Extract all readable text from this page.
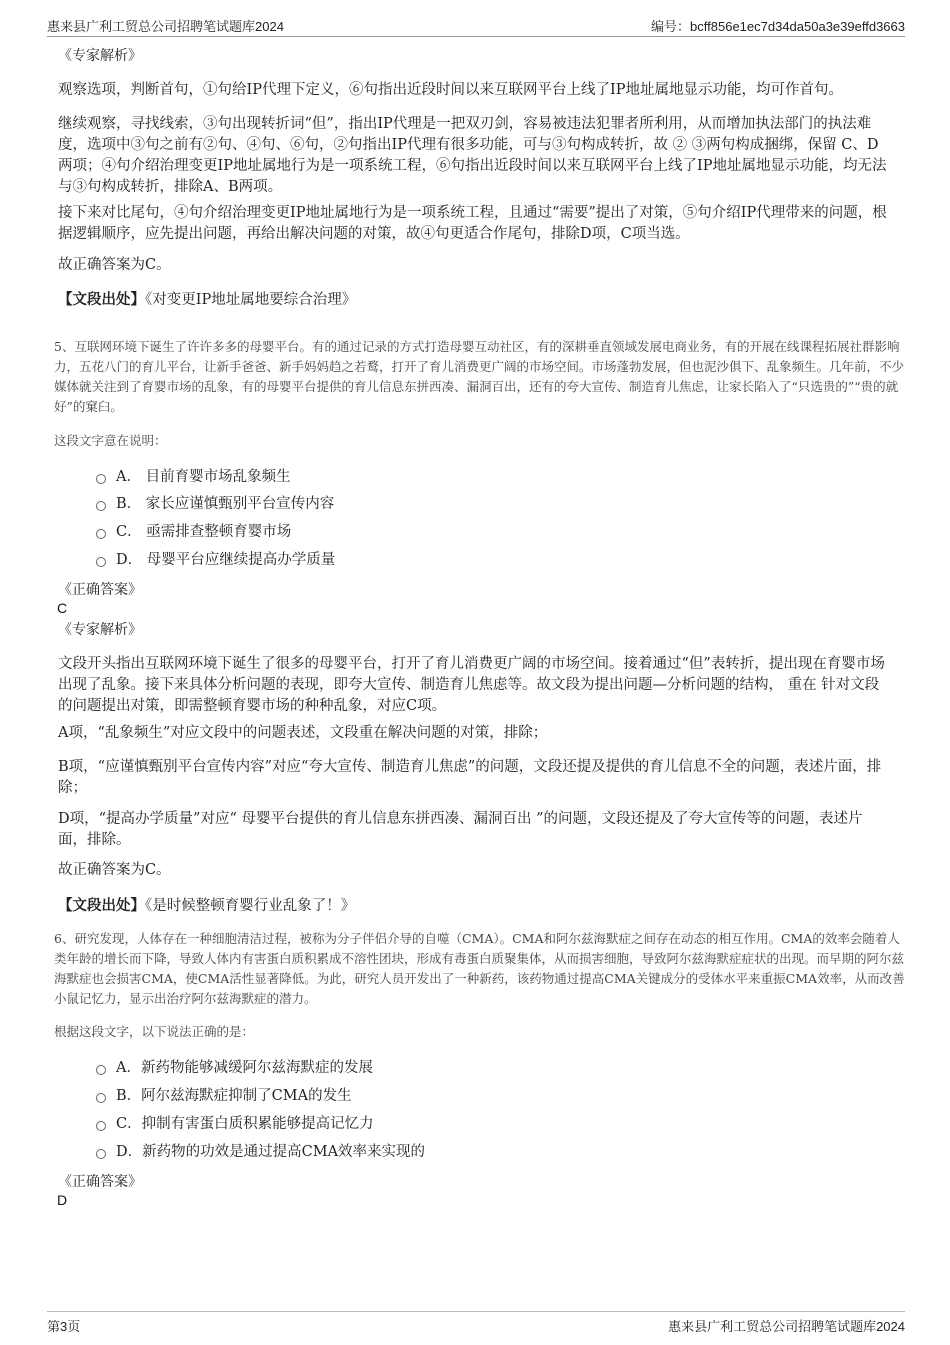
惠来县广利工贸总公司招聘笔试题库2024	编号：bcff856e1ec7d34da50a3e39effd3663

《专家解析》

观察选项，判断首句，①句给IP代理下定义，⑥句指出近段时间以来互联网平台上线了IP地址属地显示功能，均可作首句。

继续观察，寻找线索，③句出现转折词“但”，指出IP代理是一把双刃剑，容易被违法犯罪者所利用，从而增加执法部门的执法难度，选项中③句之前有②句、④句、⑥句，②句指出IP代理有很多功能，可与③句构成转折，故 ② ③两句构成捆绑，保留 C、D两项；④句介绍治理变更IP地址属地行为是一项系统工程，⑥句指出近段时间以来互联网平台上线了IP地址属地显示功能，均无法与③句构成转折，排除A、B两项。

接下来对比尾句，④句介绍治理变更IP地址属地行为是一项系统工程，且通过“需要”提出了对策，⑤句介绍IP代理带来的问题，根据逻辑顺序，应先提出问题，再给出解决问题的对策，故④句更适合作尾句，排除D项，C项当选。

故正确答案为C。

【文段出处】《对变更IP地址属地要综合治理》

5、互联网环境下诞生了许许多多的母婴平台。有的通过记录的方式打造母婴互动社区，有的深耕垂直领域发展电商业务，有的开展在线课程拓展社群影响力，五花八门的育儿平台，让新手爸爸、新手妈妈趋之若鹜，打开了育儿消费更广阔的市场空间。市场蓬勃发展，但也泥沙俱下、乱象频生。几年前，不少媒体就关注到了育婴市场的乱象，有的母婴平台提供的育儿信息东拼西凑、漏洞百出，还有的夸大宣传、制造育儿焦虑，让家长陷入了“只选贵的”“贵的就好”的窠臼。

这段文字意在说明：

A． 目前育婴市场乱象频生
B． 家长应谨慎甄别平台宣传内容
C． 亟需排查整顿育婴市场
D． 母婴平台应继续提高办学质量

《正确答案》

C

《专家解析》

文段开头指出互联网环境下诞生了很多的母婴平台，打开了育儿消费更广阔的市场空间。接着通过“但”表转折，提出现在育婴市场出现了乱象。接下来具体分析问题的表现，即夸大宣传、制造育儿焦虑等。故文段为提出问题—分析问题的结构， 重在 针对文段的问题提出对策，即需整顿育婴市场的种种乱象，对应C项。

A项，“乱象频生”对应文段中的问题表述，文段重在解决问题的对策，排除；

B项，“应谨慎甄别平台宣传内容”对应“夸大宣传、制造育儿焦虑”的问题，文段还提及提供的育儿信息不全的问题，表述片面，排除；

D项，“提高办学质量”对应“ 母婴平台提供的育儿信息东拼西凑、漏洞百出 ”的问题，文段还提及了夸大宣传等的问题，表述片面，排除。

故正确答案为C。

【文段出处】《是时候整顿育婴行业乱象了！》

6、研究发现，人体存在一种细胞清洁过程，被称为分子伴侣介导的自噬（CMA）。CMA和阿尔兹海默症之间存在动态的相互作用。CMA的效率会随着人类年龄的增长而下降，导致人体内有害蛋白质积累成不溶性团块，形成有毒蛋白质聚集体，从而损害细胞，导致阿尔兹海默症症状的出现。而早期的阿尔兹海默症也会损害CMA，使CMA活性显著降低。为此，研究人员开发出了一种新药，该药物通过提高CMA关键成分的受体水平来重振CMA效率，从而改善小鼠记忆力，显示出治疗阿尔兹海默症的潜力。

根据这段文字，以下说法正确的是：

A．新药物能够减缓阿尔兹海默症的发展
B．阿尔兹海默症抑制了CMA的发生
C．抑制有害蛋白质积累能够提高记忆力
D．新药物的功效是通过提高CMA效率来实现的

《正确答案》

D

第3页	惠来县广利工贸总公司招聘笔试题库2024
